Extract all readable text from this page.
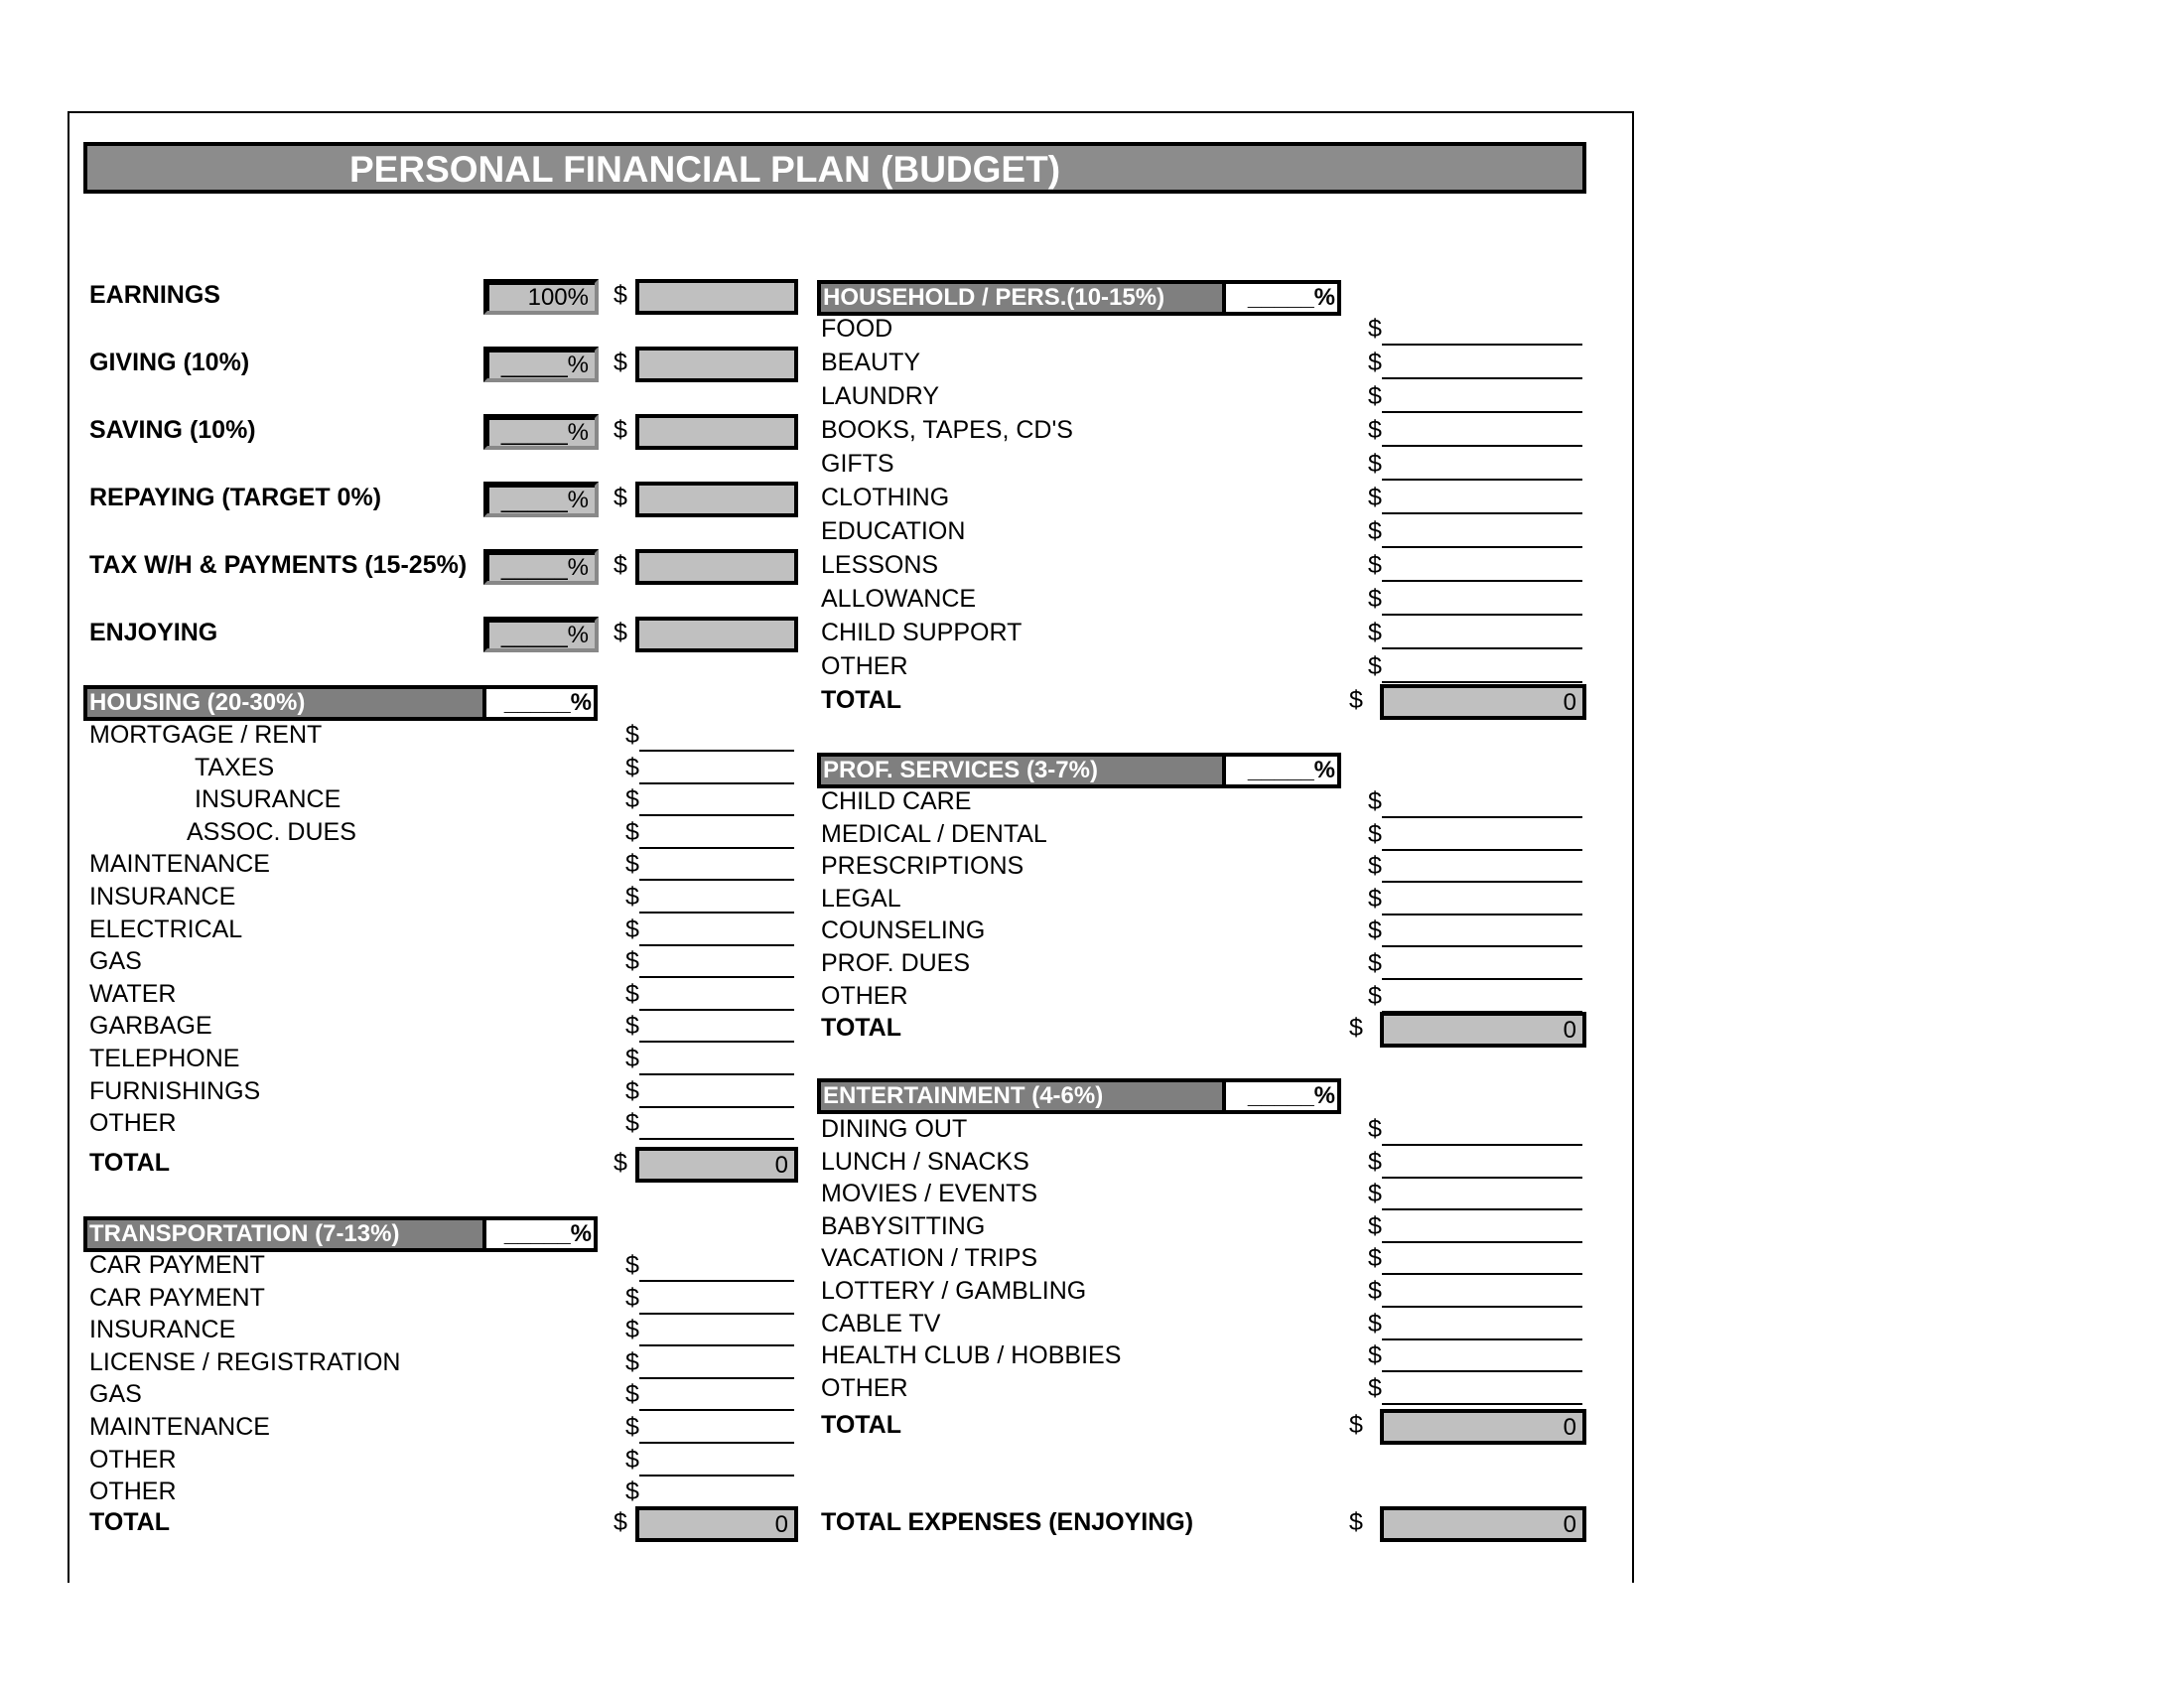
PERSONAL FINANCIAL PLAN (BUDGET)
EARNINGS	100% $
GIVING (10%)	_____% $
SAVING (10%)	_____% $
REPAYING (TARGET 0%)	_____% $
TAX W/H & PAYMENTS (15-25%) _____% $
ENJOYING	_____% $
HOUSING (20-30%)	_____%
MORTGAGE / RENT	$
TAXES	$
INSURANCE	$
ASSOC. DUES	$
MAINTENANCE	$
INSURANCE	$
ELECTRICAL	$
GAS	$
WATER	$
GARBAGE	$
TELEPHONE	$
FURNISHINGS	$
OTHER	$
TOTAL	$	0
TRANSPORTATION (7-13%)	_____%
CAR PAYMENT	$
CAR PAYMENT	$
INSURANCE	$
LICENSE / REGISTRATION	$
GAS	$
MAINTENANCE	$
OTHER	$
OTHER	$
TOTAL	$	0
HOUSEHOLD / PERS.(10-15%)	_____%
FOOD	$
BEAUTY	$
LAUNDRY	$
BOOKS, TAPES, CD'S	$
GIFTS	$
CLOTHING	$
EDUCATION	$
LESSONS	$
ALLOWANCE	$
CHILD SUPPORT	$
OTHER	$
TOTAL	$	0
PROF. SERVICES (3-7%)	_____%
CHILD CARE	$
MEDICAL / DENTAL	$
PRESCRIPTIONS	$
LEGAL	$
COUNSELING	$
PROF. DUES	$
OTHER	$
TOTAL	$	0
ENTERTAINMENT (4-6%)	_____%
DINING OUT	$
LUNCH / SNACKS	$
MOVIES / EVENTS	$
BABYSITTING	$
VACATION / TRIPS	$
LOTTERY / GAMBLING	$
CABLE TV	$
HEALTH CLUB / HOBBIES	$
OTHER	$
TOTAL	$	0
TOTAL EXPENSES (ENJOYING)	$	0
